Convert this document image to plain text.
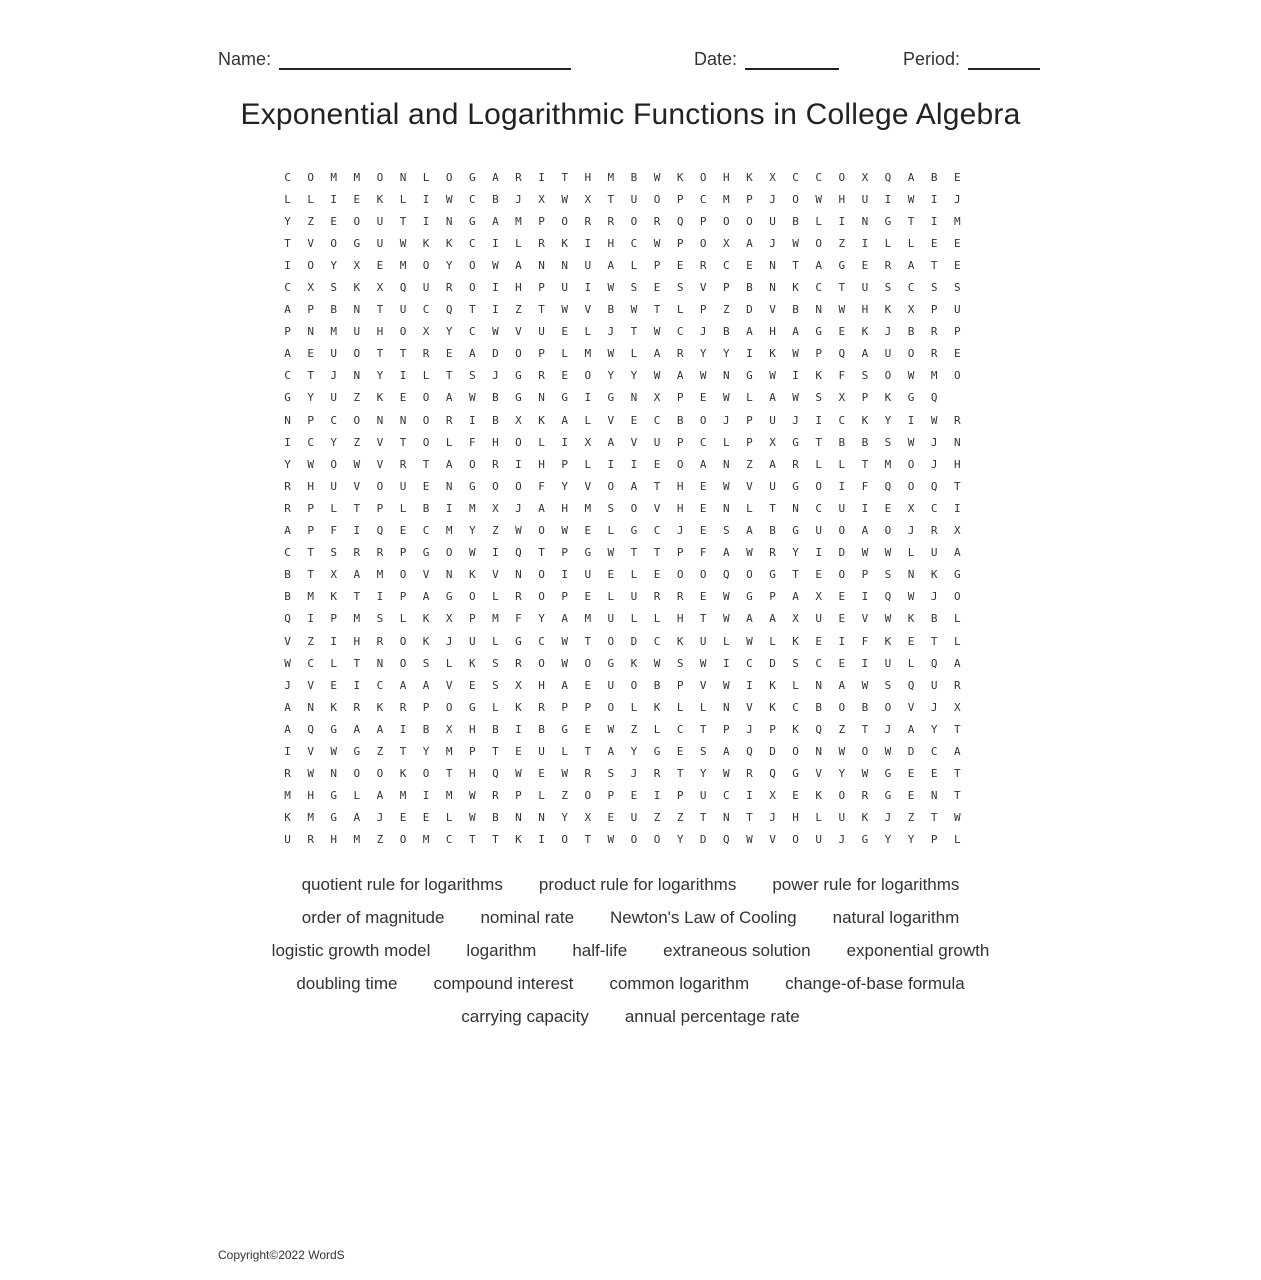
Name:	Date:	Period:
Exponential and Logarithmic Functions in College Algebra
C	O	M	M	O	N	L	O	G	A	R	I	T	H	M	B	W	K	O	H	K	X	C	C	O	X	Q	A	B	E
L	L	I	E	K	L	I	W	C	B	J	X	W	X	T	U	O	P	C	M	P	J	O	W	H	U	I	W	I	J
Y	Z	E	O	U	T	I	N	G	A	M	P	O	R	R	O	R	Q	P	O	O	U	B	L	I	N	G	T	I	M
T	V	O	G	U	W	K	K	C	I	L	R	K	I	H	C	W	P	O	X	A	J	W	O	Z	I	L	L	E	E
I	O	Y	X	E	M	O	Y	O	W	A	N	N	U	A	L	P	E	R	C	E	N	T	A	G	E	R	A	T	E
C	X	S	K	X	Q	U	R	O	I	H	P	U	I	W	S	E	S	V	P	B	N	K	C	T	U	S	C	S	S
A	P	B	N	T	U	C	Q	T	I	Z	T	W	V	B	W	T	L	P	Z	D	V	B	N	W	H	K	X	P	U
P	N	M	U	H	O	X	Y	C	W	V	U	E	L	J	T	W	C	J	B	A	H	A	G	E	K	J	B	R	P
A	E	U	O	T	T	R	E	A	D	O	P	L	M	W	L	A	R	Y	Y	I	K	W	P	Q	A	U	O	R	E
C	T	J	N	Y	I	L	T	S	J	G	R	E	O	Y	Y	W	A	W	N	G	W	I	K	F	S	O	W	M	O
G	Y	U	Z	K	E	O	A	W	B	G	N	G	I	G	N	X	P	E	W	L	A	W	S	X	P	K	G	Q
N	P	C	O	N	N	O	R	I	B	X	K	A	L	V	E	C	B	O	J	P	U	J	I	C	K	Y	I	W	R
I	C	Y	Z	V	T	O	L	F	H	O	L	I	X	A	V	U	P	C	L	P	X	G	T	B	B	S	W	J	N
Y	W	O	W	V	R	T	A	O	R	I	H	P	L	I	I	E	O	A	N	Z	A	R	L	L	T	M	O	J	H
R	H	U	V	O	U	E	N	G	O	O	F	Y	V	O	A	T	H	E	W	V	U	G	O	I	F	Q	O	Q	T
R	P	L	T	P	L	B	I	M	X	J	A	H	M	S	O	V	H	E	N	L	T	N	C	U	I	E	X	C	I
A	P	F	I	Q	E	C	M	Y	Z	W	O	W	E	L	G	C	J	E	S	A	B	G	U	O	A	O	J	R	X
C	T	S	R	R	P	G	O	W	I	Q	T	P	G	W	T	T	P	F	A	W	R	Y	I	D	W	W	L	U	A
B	T	X	A	M	O	V	N	K	V	N	O	I	U	E	L	E	O	O	Q	O	G	T	E	O	P	S	N	K	G
B	M	K	T	I	P	A	G	O	L	R	O	P	E	L	U	R	R	E	W	G	P	A	X	E	I	Q	W	J	O
Q	I	P	M	S	L	K	X	P	M	F	Y	A	M	U	L	L	H	T	W	A	A	X	U	E	V	W	K	B	L
V	Z	I	H	R	O	K	J	U	L	G	C	W	T	O	D	C	K	U	L	W	L	K	E	I	F	K	E	T	L
W	C	L	T	N	O	S	L	K	S	R	O	W	O	G	K	W	S	W	I	C	D	S	C	E	I	U	L	Q	A
J	V	E	I	C	A	A	V	E	S	X	H	A	E	U	O	B	P	V	W	I	K	L	N	A	W	S	Q	U	R
A	N	K	R	K	R	P	O	G	L	K	R	P	P	O	L	K	L	L	N	V	K	C	B	O	B	O	V	J	X
A	Q	G	A	A	I	B	X	H	B	I	B	G	E	W	Z	L	C	T	P	J	P	K	Q	Z	T	J	A	Y	T
I	V	W	G	Z	T	Y	M	P	T	E	U	L	T	A	Y	G	E	S	A	Q	D	O	N	W	O	W	D	C	A
R	W	N	O	O	K	O	T	H	Q	W	E	W	R	S	J	R	T	Y	W	R	Q	G	V	Y	W	G	E	E	T
M	H	G	L	A	M	I	M	W	R	P	L	Z	O	P	E	I	P	U	C	I	X	E	K	O	R	G	E	N	T
K	M	G	A	J	E	E	L	W	B	N	N	Y	X	E	U	Z	Z	T	N	T	J	H	L	U	K	J	Z	T	W
U	R	H	M	Z	O	M	C	T	T	K	I	O	T	W	O	O	Y	D	Q	W	V	O	U	J	G	Y	Y	P	L
quotient rule for logarithms product rule for logarithms power rule for logarithms
order of magnitude nominal rate Newton's Law of Cooling natural logarithm
logistic growth model logarithm half-life extraneous solution exponential growth
doubling time compound interest common logarithm change-of-base formula
carrying capacity annual percentage rate
Copyright©2022 WordS
